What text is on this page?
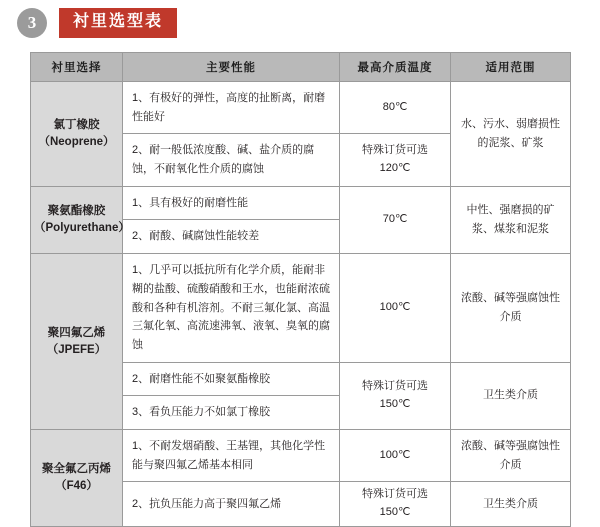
3	衬里选型表
衬里选择	主要性能	最高介质温度	适用范围

氯丁橡胶
（Neoprene）	1、有极好的弹性，高度的扯断离，耐磨性能好	80℃	水、污水、弱磨损性的泥浆、矿浆
	2、耐一般低浓度酸、碱、盐介质的腐蚀，不耐氧化性介质的腐蚀	特殊订货可选
120℃	

聚氨酯橡胶
（Polyurethane）	1、具有极好的耐磨性能	70℃	中性、强磨损的矿浆、煤浆和泥浆
	2、耐酸、碱腐蚀性能较差		

聚四氟乙烯
（JPEFE）	1、几乎可以抵抗所有化学介质，能耐非糊的盐酸、硫酸硝酸和王水，也能耐浓硫酸和各种有机溶剂。不耐三氟化氯、高温三氟化氧、高流速沸氧、液氧、臭氧的腐蚀	100℃	浓酸、碱等强腐蚀性介质
	2、耐磨性能不如聚氨酯橡胶	特殊订货可选
150℃	卫生类介质
	3、看负压能力不如氯丁橡胶		

聚全氟乙丙烯
（F46）	1、不耐发烟硝酸、王基锂，其他化学性能与聚四氟乙烯基本相同	100℃	浓酸、碱等强腐蚀性介质
	2、抗负压能力高于聚四氟乙烯	特殊订货可选
150℃	卫生类介质
